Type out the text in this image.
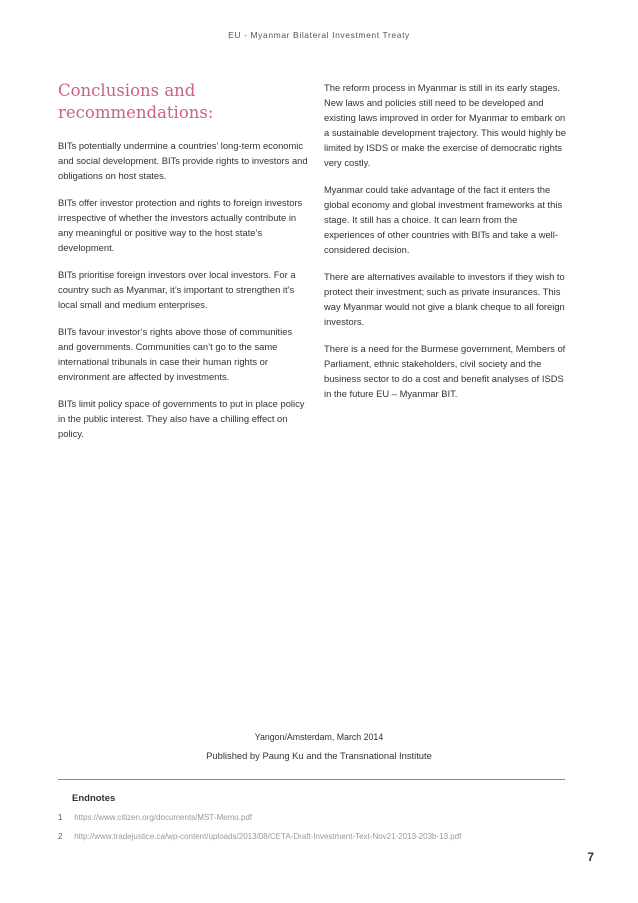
EU - Myanmar Bilateral Investment Treaty
Conclusions and
recommendations:

BITs potentially undermine a countries’ long-term economic and social development. BITs provide rights to investors and obligations on host states.

BITs offer investor protection and rights to foreign investors irrespective of whether the investors actually contribute in any meaningful or positive way to the host state’s development.

BITs prioritise foreign investors over local investors. For a country such as Myanmar, it’s important to strengthen it’s local small and medium enterprises.

BITs favour investor’s rights above those of communities and governments. Communities can’t go to the same international tribunals in case their human rights or environment are affected by investments.

BITs limit policy space of governments to put in place policy in the public interest. They also have a chilling effect on policy.

The reform process in Myanmar is still in its early stages. New laws and policies still need to be developed and existing laws improved in order for Myanmar to embark on a sustainable development trajectory. This would highly be limited by ISDS or make the exercise of democratic rights very costly.

Myanmar could take advantage of the fact it enters the global economy and global investment frameworks at this stage. It still has a choice. It can learn from the experiences of other countries with BITs and take a well-considered decision.

There are alternatives available to investors if they wish to protect their investment; such as private insurances. This way Myanmar would not give a blank cheque to all foreign investors.

There is a need for the Burmese government, Members of Parliament, ethnic stakeholders, civil society and the business sector to do a cost and benefit analyses of ISDS in the future EU – Myanmar BIT.

Yangon/Amsterdam, March 2014
Published by Paung Ku and the Transnational Institute
Endnotes
1 https://www.citizen.org/documents/MST-Memo.pdf
2 http://www.tradejustice.ca/wp-content/uploads/2013/08/CETA-Draft-Investment-Text-Nov21-2013-203b-13.pdf
7
